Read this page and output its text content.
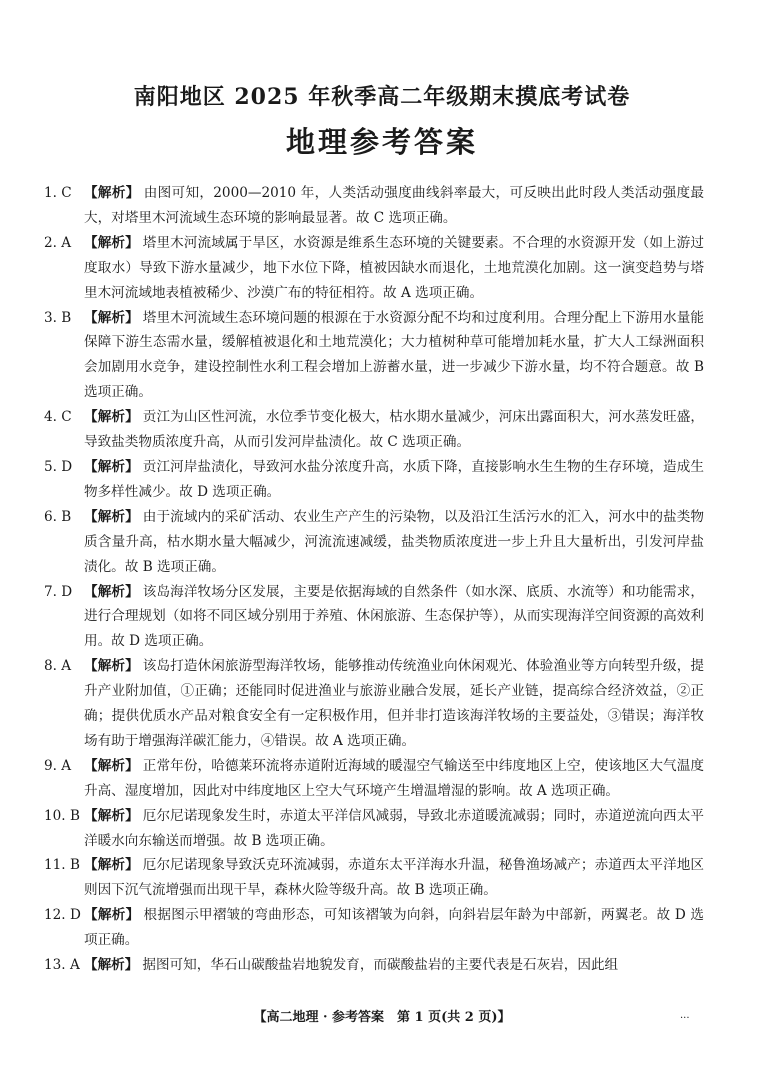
南阳地区 2025 年秋季高二年级期末摸底考试卷
地理参考答案
1. C 【解析】 由图可知，2000—2010 年，人类活动强度曲线斜率最大，可反映出此时段人类活动强度最大，对塔里木河流域生态环境的影响最显著。故 C 选项正确。
2. A 【解析】 塔里木河流域属于旱区，水资源是维系生态环境的关键要素。不合理的水资源开发（如上游过度取水）导致下游水量减少，地下水位下降，植被因缺水而退化，土地荒漠化加剧。这一演变趋势与塔里木河流域地表植被稀少、沙漠广布的特征相符。故 A 选项正确。
3. B 【解析】 塔里木河流域生态环境问题的根源在于水资源分配不均和过度利用。合理分配上下游用水量能保障下游生态需水量，缓解植被退化和土地荒漠化；大力植树种草可能增加耗水量，扩大人工绿洲面积会加剧用水竞争，建设控制性水利工程会增加上游蓄水量，进一步减少下游水量，均不符合题意。故 B 选项正确。
4. C 【解析】 贡江为山区性河流，水位季节变化极大，枯水期水量减少，河床出露面积大，河水蒸发旺盛，导致盐类物质浓度升高，从而引发河岸盐渍化。故 C 选项正确。
5. D 【解析】 贡江河岸盐渍化，导致河水盐分浓度升高，水质下降，直接影响水生生物的生存环境，造成生物多样性减少。故 D 选项正确。
6. B 【解析】 由于流域内的采矿活动、农业生产产生的污染物，以及沿江生活污水的汇入，河水中的盐类物质含量升高，枯水期水量大幅减少，河流流速减缓，盐类物质浓度进一步上升且大量析出，引发河岸盐渍化。故 B 选项正确。
7. D 【解析】 该岛海洋牧场分区发展，主要是依据海域的自然条件（如水深、底质、水流等）和功能需求，进行合理规划（如将不同区域分别用于养殖、休闲旅游、生态保护等），从而实现海洋空间资源的高效利用。故 D 选项正确。
8. A 【解析】 该岛打造休闲旅游型海洋牧场，能够推动传统渔业向休闲观光、体验渔业等方向转型升级，提升产业附加值，①正确；还能同时促进渔业与旅游业融合发展，延长产业链，提高综合经济效益，②正确；提供优质水产品对粮食安全有一定积极作用，但并非打造该海洋牧场的主要益处，③错误；海洋牧场有助于增强海洋碳汇能力，④错误。故 A 选项正确。
9. A 【解析】 正常年份，哈德莱环流将赤道附近海域的暖湿空气输送至中纬度地区上空，使该地区大气温度升高、湿度增加，因此对中纬度地区上空大气环境产生增温增湿的影响。故 A 选项正确。
10. B 【解析】 厄尔尼诺现象发生时，赤道太平洋信风减弱，导致北赤道暖流减弱；同时，赤道逆流向西太平洋暖水向东输送而增强。故 B 选项正确。
11. B 【解析】 厄尔尼诺现象导致沃克环流减弱，赤道东太平洋海水升温，秘鲁渔场减产；赤道西太平洋地区则因下沉气流增强而出现干旱，森林火险等级升高。故 B 选项正确。
12. D 【解析】 根据图示甲褶皱的弯曲形态，可知该褶皱为向斜，向斜岩层年龄为中部新，两翼老。故 D 选项正确。
13. A 【解析】 据图可知，华石山碳酸盐岩地貌发育，而碳酸盐岩的主要代表是石灰岩，因此组
【高二地理 · 参考答案　第 1 页(共 2 页)】	...
